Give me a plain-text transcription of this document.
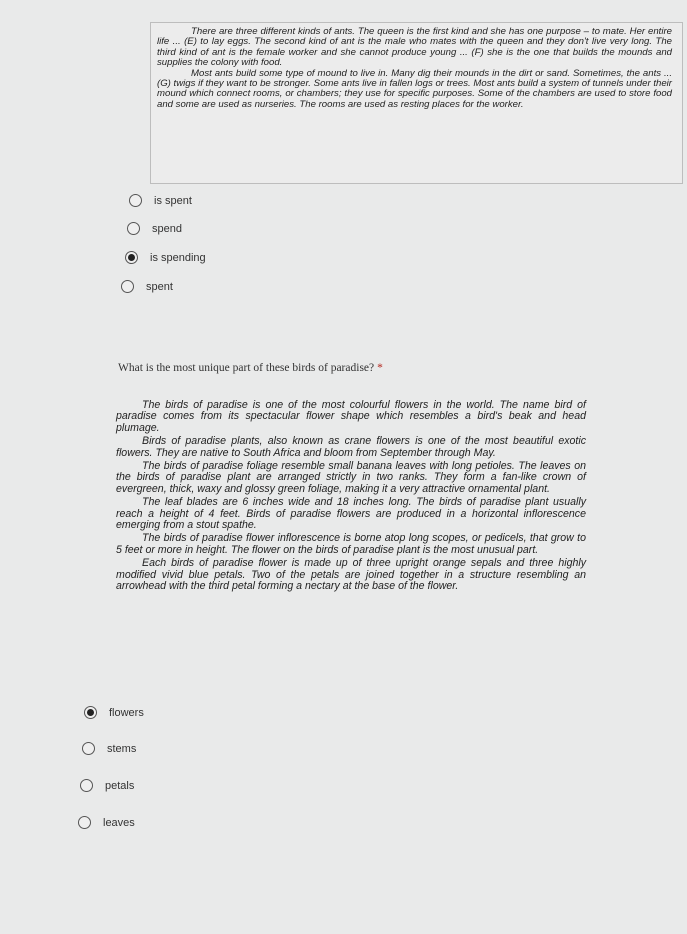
There are three different kinds of ants. The queen is the first kind and she has one purpose – to mate. Her entire life ... (E) to lay eggs. The second kind of ant is the male who mates with the queen and they don't live very long. The third kind of ant is the female worker and she cannot produce young ... (F) she is the one that builds the mounds and supplies the colony with food.

Most ants build some type of mound to live in. Many dig their mounds in the dirt or sand. Sometimes, the ants ... (G) twigs if they want to be stronger. Some ants live in fallen logs or trees. Most ants build a system of tunnels under their mound which connect rooms, or chambers; they use for specific purposes. Some of the chambers are used to store food and some are used as nurseries. The rooms are used as resting places for the worker.

is spent
spend
is spending
spent
What is the most unique part of these birds of paradise? *

The birds of paradise is one of the most colourful flowers in the world. The name bird of paradise comes from its spectacular flower shape which resembles a bird's beak and head plumage.

Birds of paradise plants, also known as crane flowers is one of the most beautiful exotic flowers. They are native to South Africa and bloom from September through May.

The birds of paradise foliage resemble small banana leaves with long petioles. The leaves on the birds of paradise plant are arranged strictly in two ranks. They form a fan-like crown of evergreen, thick, waxy and glossy green foliage, making it a very attractive ornamental plant.

The leaf blades are 6 inches wide and 18 inches long. The birds of paradise plant usually reach a height of 4 feet. Birds of paradise flowers are produced in a horizontal inflorescence emerging from a stout spathe.

The birds of paradise flower inflorescence is borne atop long scopes, or pedicels, that grow to 5 feet or more in height. The flower on the birds of paradise plant is the most unusual part.

Each birds of paradise flower is made up of three upright orange sepals and three highly modified vivid blue petals. Two of the petals are joined together in a structure resembling an arrowhead with the third petal forming a nectary at the base of the flower.

flowers
stems
petals
leaves
